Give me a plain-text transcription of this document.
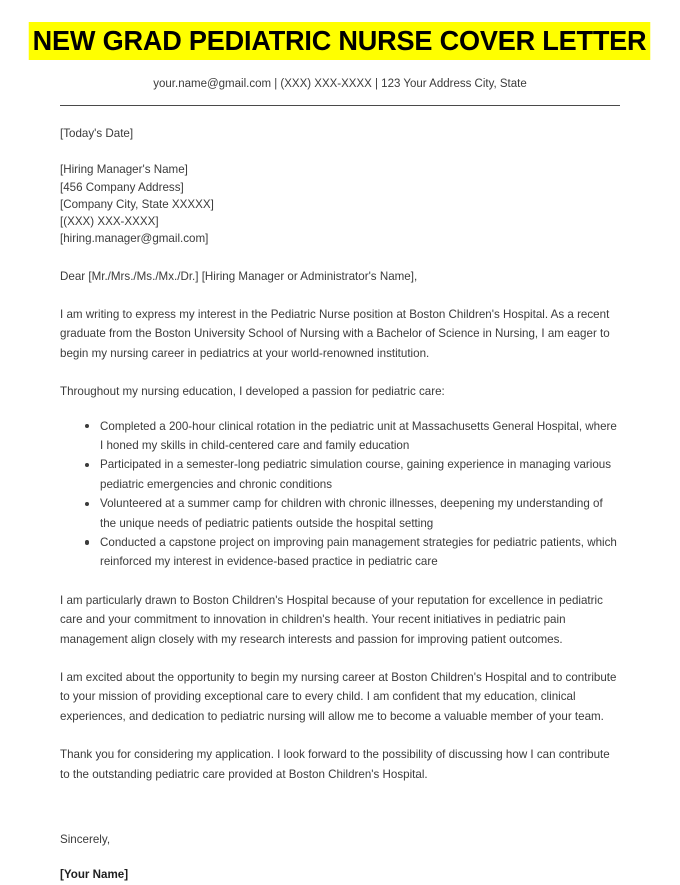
NEW GRAD PEDIATRIC NURSE COVER LETTER
your.name@gmail.com | (XXX) XXX-XXXX | 123 Your Address City, State
[Today's Date]
[Hiring Manager's Name]
[456 Company Address]
[Company City, State XXXXX]
[(XXX) XXX-XXXX]
[hiring.manager@gmail.com]
Dear [Mr./Mrs./Ms./Mx./Dr.] [Hiring Manager or Administrator's Name],

I am writing to express my interest in the Pediatric Nurse position at Boston Children's Hospital. As a recent graduate from the Boston University School of Nursing with a Bachelor of Science in Nursing, I am eager to begin my nursing career in pediatrics at your world-renowned institution.

Throughout my nursing education, I developed a passion for pediatric care:

Completed a 200-hour clinical rotation in the pediatric unit at Massachusetts General Hospital, where I honed my skills in child-centered care and family education
Participated in a semester-long pediatric simulation course, gaining experience in managing various pediatric emergencies and chronic conditions
Volunteered at a summer camp for children with chronic illnesses, deepening my understanding of the unique needs of pediatric patients outside the hospital setting
Conducted a capstone project on improving pain management strategies for pediatric patients, which reinforced my interest in evidence-based practice in pediatric care

I am particularly drawn to Boston Children's Hospital because of your reputation for excellence in pediatric care and your commitment to innovation in children's health. Your recent initiatives in pediatric pain management align closely with my research interests and passion for improving patient outcomes.

I am excited about the opportunity to begin my nursing career at Boston Children's Hospital and to contribute to your mission of providing exceptional care to every child. I am confident that my education, clinical experiences, and dedication to pediatric nursing will allow me to become a valuable member of your team.

Thank you for considering my application. I look forward to the possibility of discussing how I can contribute to the outstanding pediatric care provided at Boston Children's Hospital.

Sincerely,
[Your Name]
